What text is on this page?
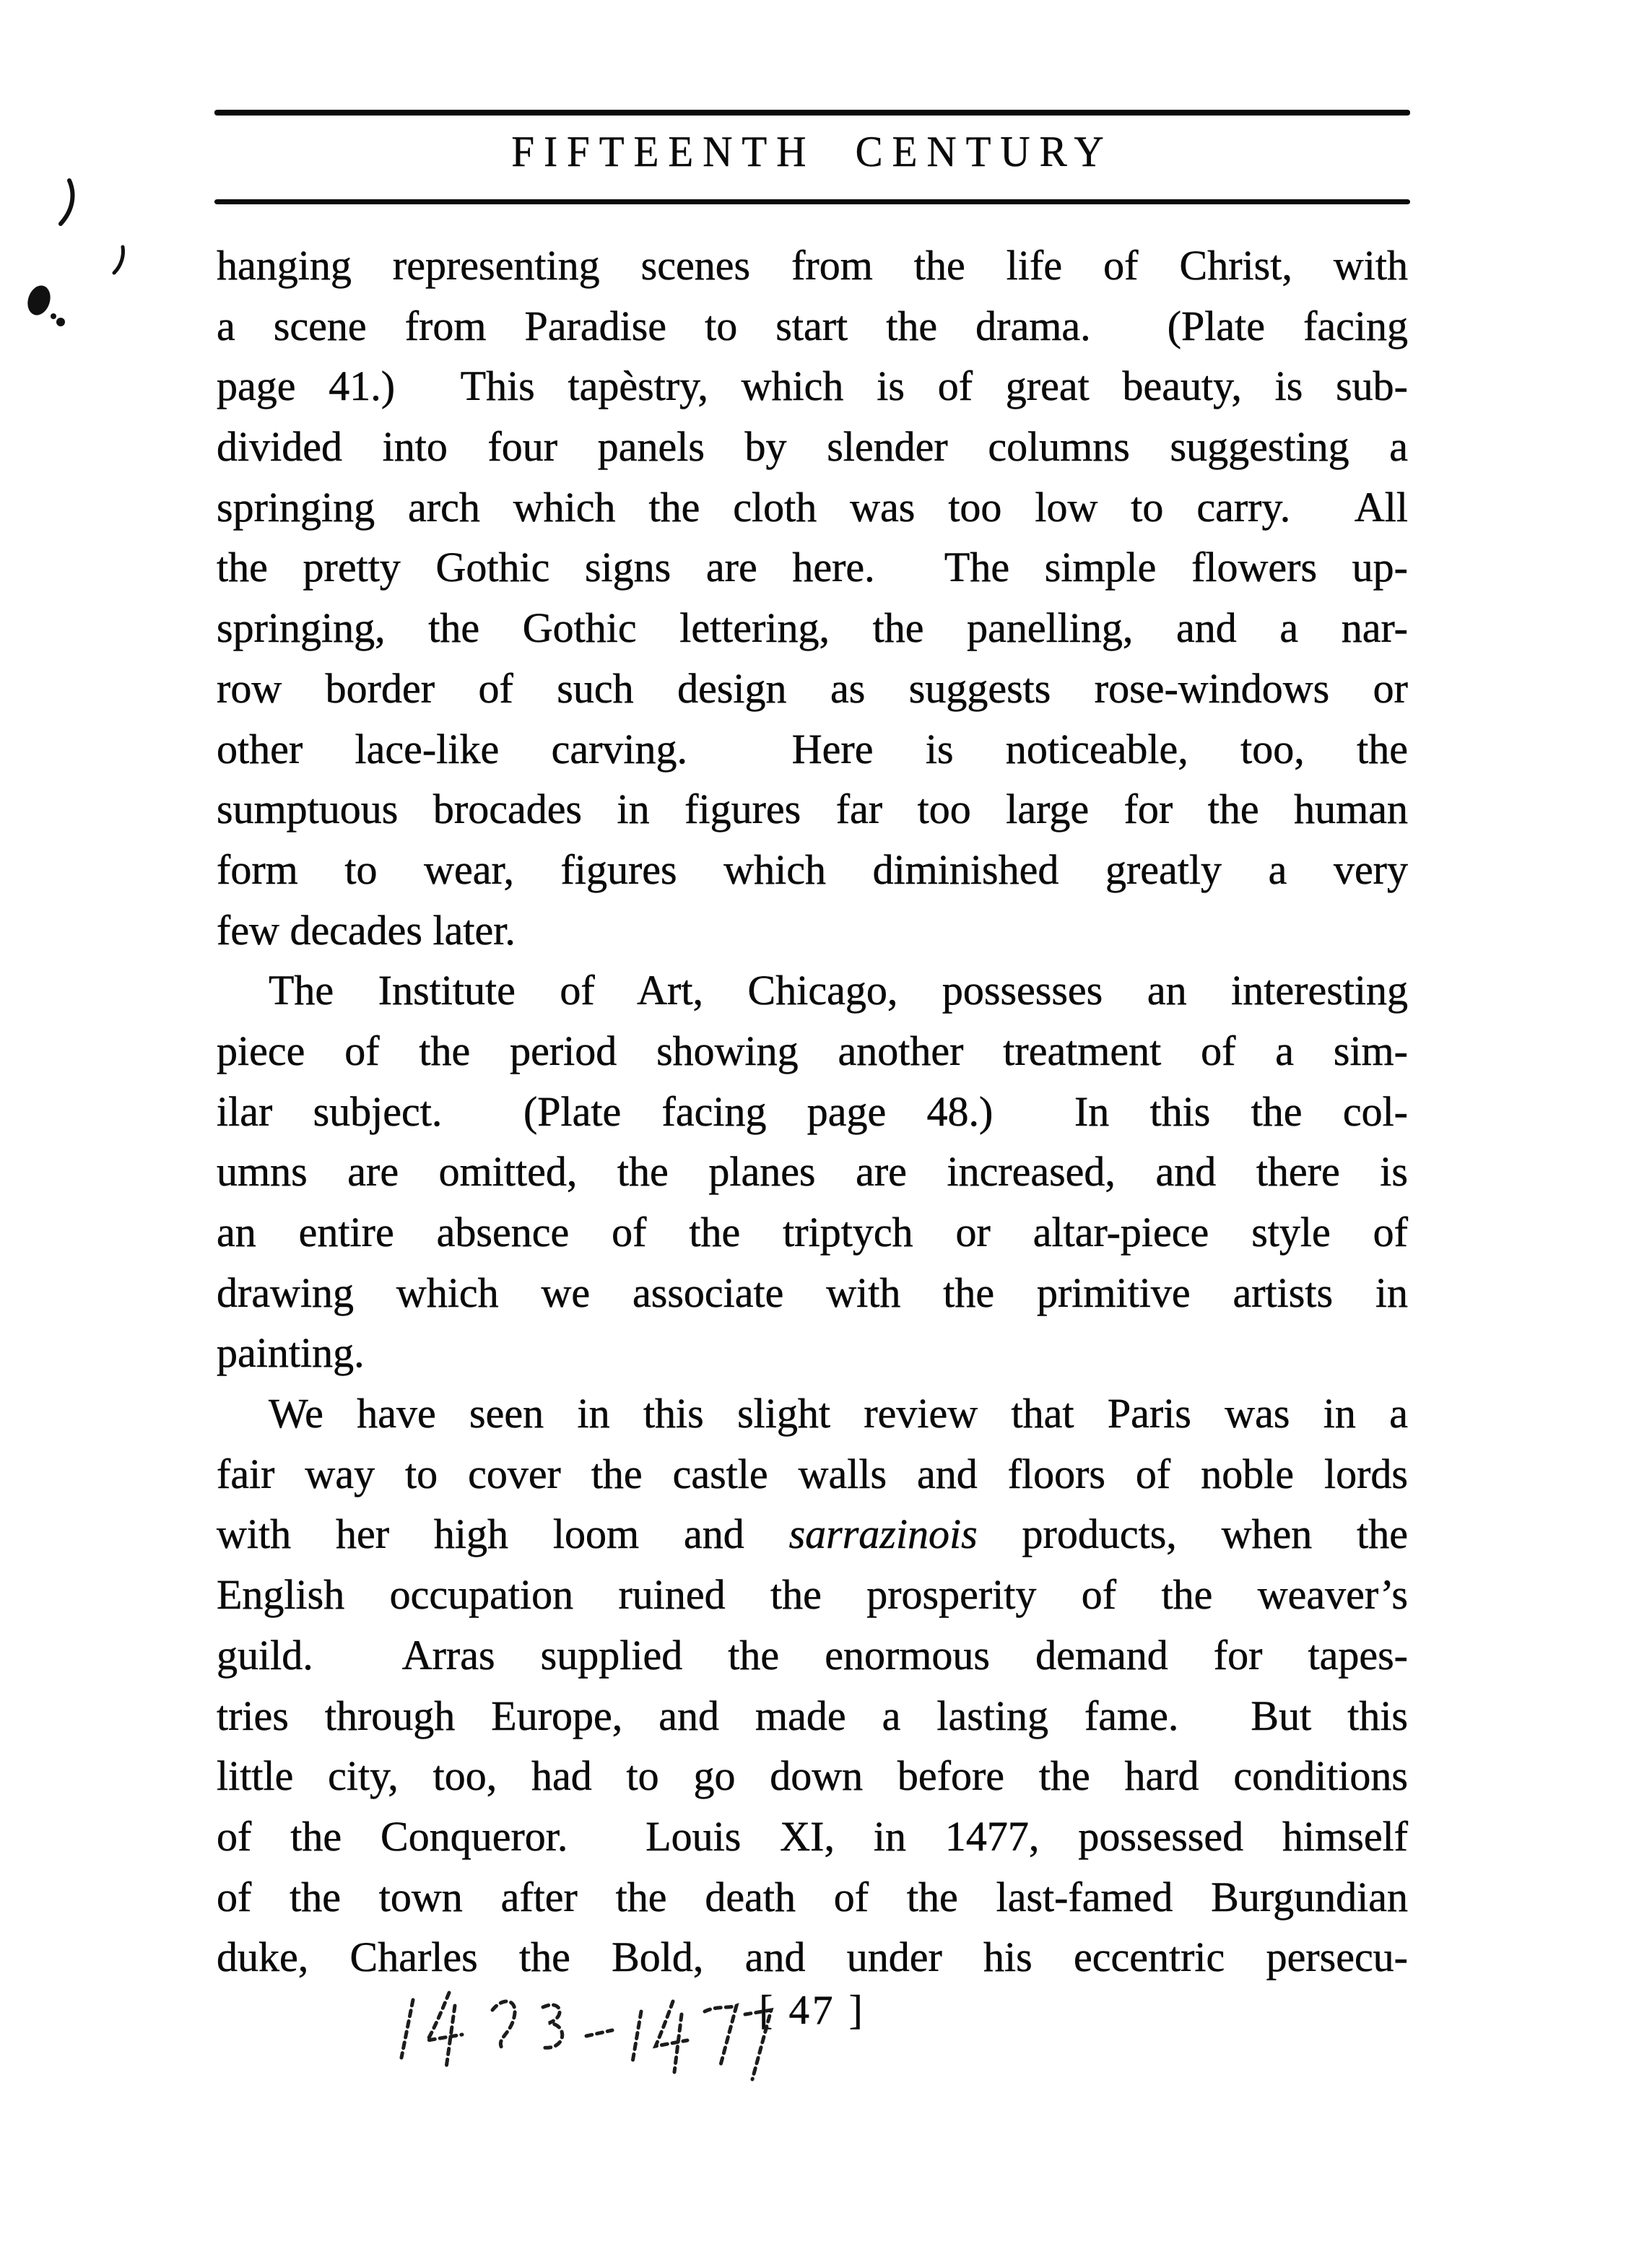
FIFTEENTH CENTURY
hanging representing scenes from the life of Christ, with
a scene from Paradise to start the drama.  (Plate facing
page 41.)  This tapèstry, which is of great beauty, is sub-
divided into four panels by slender columns suggesting a
springing arch which the cloth was too low to carry.  All
the pretty Gothic signs are here.  The simple flowers up-
springing, the Gothic lettering, the panelling, and a nar-
row border of such design as suggests rose-windows or
other lace-like carving.  Here is noticeable, too, the
sumptuous brocades in figures far too large for the human
form to wear, figures which diminished greatly a very
few decades later.
The Institute of Art, Chicago, possesses an interesting
piece of the period showing another treatment of a sim-
ilar subject.  (Plate facing page 48.)  In this the col-
umns are omitted, the planes are increased, and there is
an entire absence of the triptych or altar-piece style of
drawing which we associate with the primitive artists in
painting.
We have seen in this slight review that Paris was in a
fair way to cover the castle walls and floors of noble lords
with her high loom and sarrazinois products, when the
English occupation ruined the prosperity of the weaver’s
guild.  Arras supplied the enormous demand for tapes-
tries through Europe, and made a lasting fame.  But this
little city, too, had to go down before the hard conditions
of the Conqueror.  Louis XI, in 1477, possessed himself
of the town after the death of the last-famed Burgundian
duke, Charles the Bold, and under his eccentric persecu-
[ 47 ]
